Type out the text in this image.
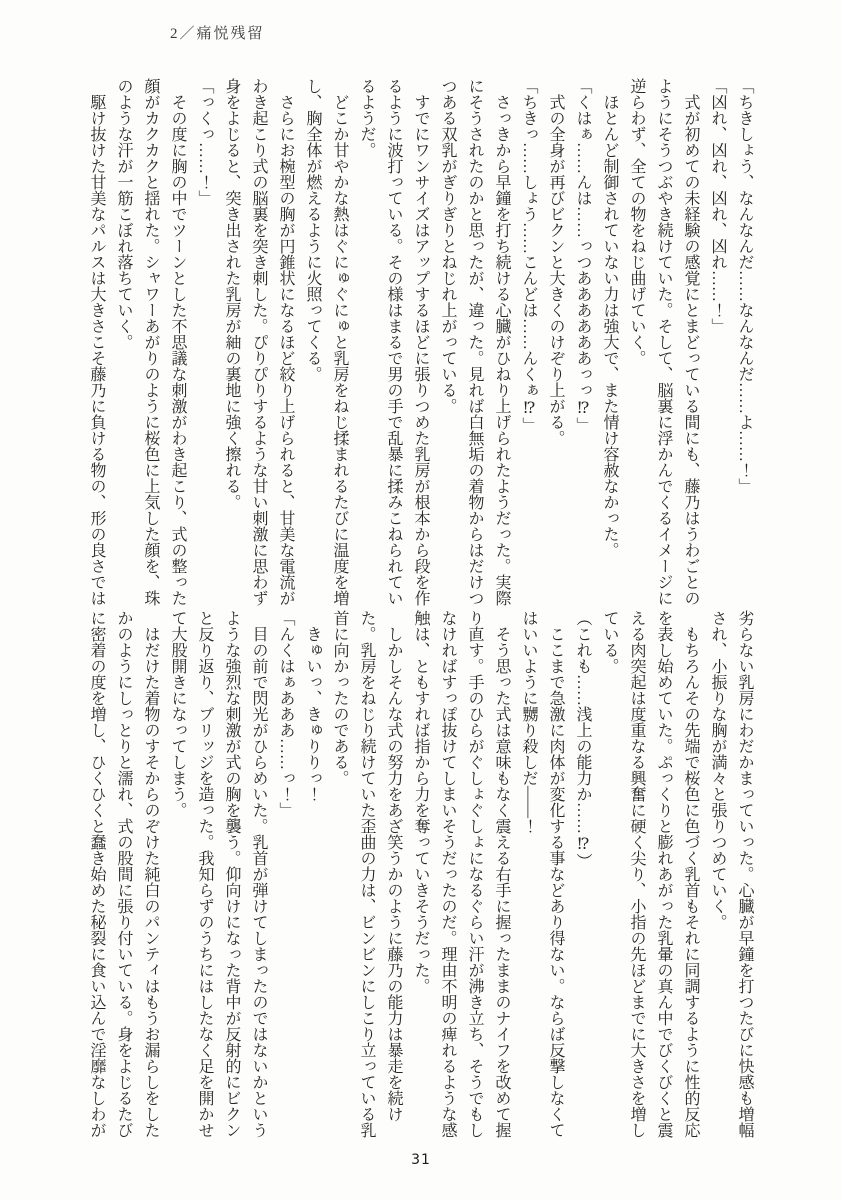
2／痛悦残留

「ちきしょう、なんなんだ……なんなんだ……よ……！」

「凶れ、凶れ、凶れ、凶れ……！」

　式が初めての未経験の感覚にとまどっている間にも、藤乃はうわごとの

ようにそうつぶやき続けていた。そして、脳裏に浮かんでくるイメージに

逆らわず、全ての物をねじ曲げていく。

　ほとんど制御されていない力は強大で、また情け容赦なかった。

「くはぁ……んは……っつああああああっっ⁉」

　式の全身が再びビクンと大きくのけぞり上がる。

「ちきっ……しょう……こんどは……んくぁ⁉」

　さっきから早鐘を打ち続ける心臓がひねり上げられたようだった。実際

にそうされたのかと思ったが、違った。見れば白無垢の着物からはだけつ

つある双乳がぎりぎりとねじれ上がっている。

　すでにワンサイズはアップするほどに張りつめた乳房が根本から段を作

るように波打っている。その様はまるで男の手で乱暴に揉みこねられてい

るようだ。

　どこか甘やかな熱はぐにゅぐにゅと乳房をねじ揉まれるたびに温度を増

し、胸全体が燃えるように火照ってくる。

　さらにお椀型の胸が円錐状になるほど絞り上げられると、甘美な電流が

わき起こり式の脳裏を突き刺した。ぴりぴりするような甘い刺激に思わず

身をよじると、突き出された乳房が紬の裏地に強く擦れる。

「っくっ……！」

　その度に胸の中でツーンとした不思議な刺激がわき起こり、式の整った

顔がカクカクと揺れた。シャワーあがりのように桜色に上気した顔を、珠

のような汗が一筋こぼれ落ちていく。

　駆け抜けた甘美なパルスは大きさこそ藤乃に負ける物の、形の良さでは

劣らない乳房にわだかまっていった。心臓が早鐘を打つたびに快感も増幅

され、小振りな胸が満々と張りつめていく。

　もちろんその先端で桜色に色づく乳首もそれに同調するように性的反応

を表し始めていた。ぷっくりと膨れあがった乳暈の真ん中でびくびくと震

える肉突起は度重なる興奮に硬く尖り、小指の先ほどまでに大きさを増し

ている。

（これも……浅上の能力か……⁉）

　ここまで急激に肉体が変化する事などあり得ない。ならば反撃しなくて

はいいように嬲り殺しだ——！

　そう思った式は意味もなく震える右手に握ったままのナイフを改めて握

り直す。手のひらがぐしょぐしょになるぐらい汗が沸き立ち、そうでもし

なければすっぽ抜けてしまいそうだったのだ。理由不明の痺れるような感

触は、ともすれば指から力を奪っていきそうだった。

　しかしそんな式の努力をあざ笑うかのように藤乃の能力は暴走を続け

た。乳房をねじり続けていた歪曲の力は、ビンビンにしこり立っている乳

首に向かったのである。

　きゅいっ、きゅりりっ！

「んくはぁあああ……っ！」

　目の前で閃光がひらめいた。乳首が弾けてしまったのではないかという

ような強烈な刺激が式の胸を襲う。仰向けになった背中が反射的にビクン

と反り返り、ブリッジを造った。我知らずのうちにはしたなく足を開かせ

て大股開きになってしまう。

　はだけた着物のすそからのぞけた純白のパンティはもうお漏らしをした

かのようにしっとりと濡れ、式の股間に張り付いている。身をよじるたび

に密着の度を増し、ひくひくと蠢き始めた秘裂に食い込んで淫靡なしわが

31
